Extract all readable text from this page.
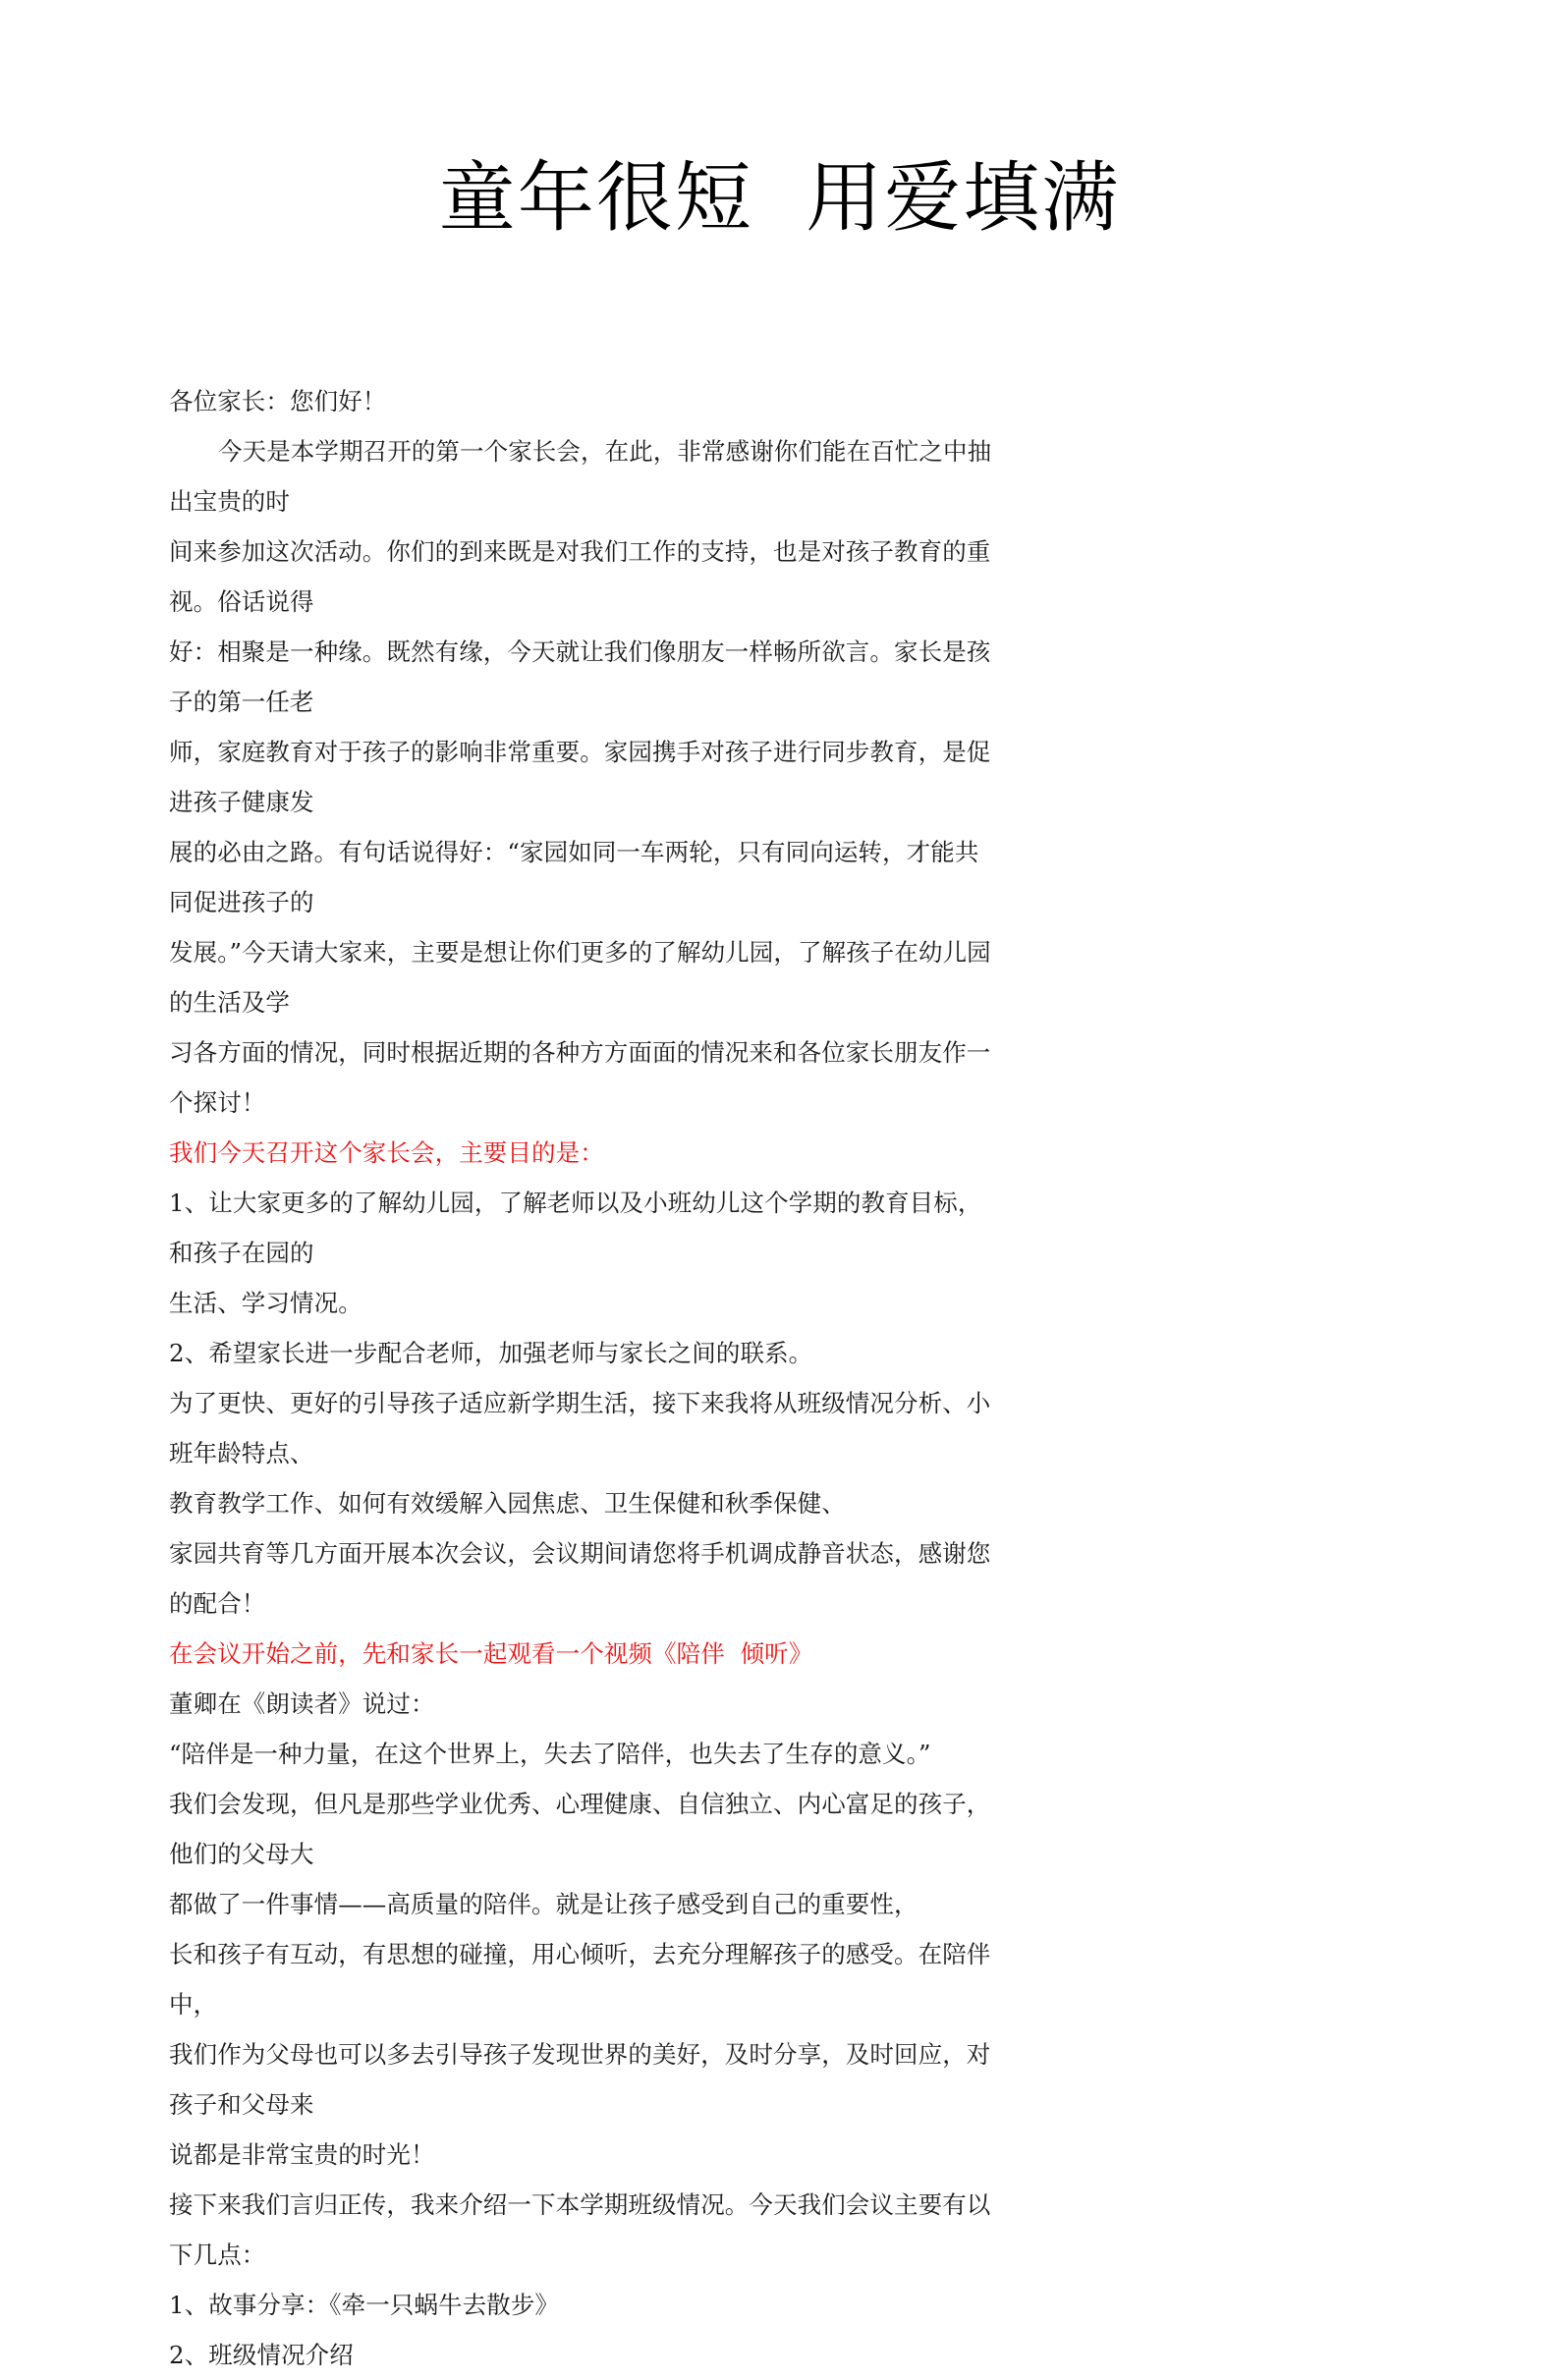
童年很短  用爱填满
各位家长：您们好！
今天是本学期召开的第一个家长会，在此，非常感谢你们能在百忙之中抽出宝贵的时
间来参加这次活动。你们的到来既是对我们工作的支持，也是对孩子教育的重视。俗话说得
好：相聚是一种缘。既然有缘，今天就让我们像朋友一样畅所欲言。家长是孩子的第一任老
师，家庭教育对于孩子的影响非常重要。家园携手对孩子进行同步教育，是促进孩子健康发
展的必由之路。有句话说得好：“家园如同一车两轮，只有同向运转，才能共同促进孩子的
发展。”今天请大家来，主要是想让你们更多的了解幼儿园，了解孩子在幼儿园的生活及学
习各方面的情况，同时根据近期的各种方方面面的情况来和各位家长朋友作一个探讨！
我们今天召开这个家长会，主要目的是：
1、让大家更多的了解幼儿园，了解老师以及小班幼儿这个学期的教育目标，和孩子在园的
生活、学习情况。
2、希望家长进一步配合老师，加强老师与家长之间的联系。
为了更快、更好的引导孩子适应新学期生活，接下来我将从班级情况分析、小班年龄特点、
教育教学工作、如何有效缓解入园焦虑、卫生保健和秋季保健、
家园共育等几方面开展本次会议，会议期间请您将手机调成静音状态，感谢您的配合！
在会议开始之前，先和家长一起观看一个视频《陪伴  倾听》
董卿在《朗读者》说过：
“陪伴是一种力量，在这个世界上，失去了陪伴，也失去了生存的意义。”
我们会发现，但凡是那些学业优秀、心理健康、自信独立、内心富足的孩子，他们的父母大
都做了一件事情——高质量的陪伴。就是让孩子感受到自己的重要性，
长和孩子有互动，有思想的碰撞，用心倾听，去充分理解孩子的感受。在陪伴中，
我们作为父母也可以多去引导孩子发现世界的美好，及时分享，及时回应，对孩子和父母来
说都是非常宝贵的时光！
接下来我们言归正传，我来介绍一下本学期班级情况。今天我们会议主要有以下几点：
1、故事分享：《牵一只蜗牛去散步》
2、班级情况介绍
